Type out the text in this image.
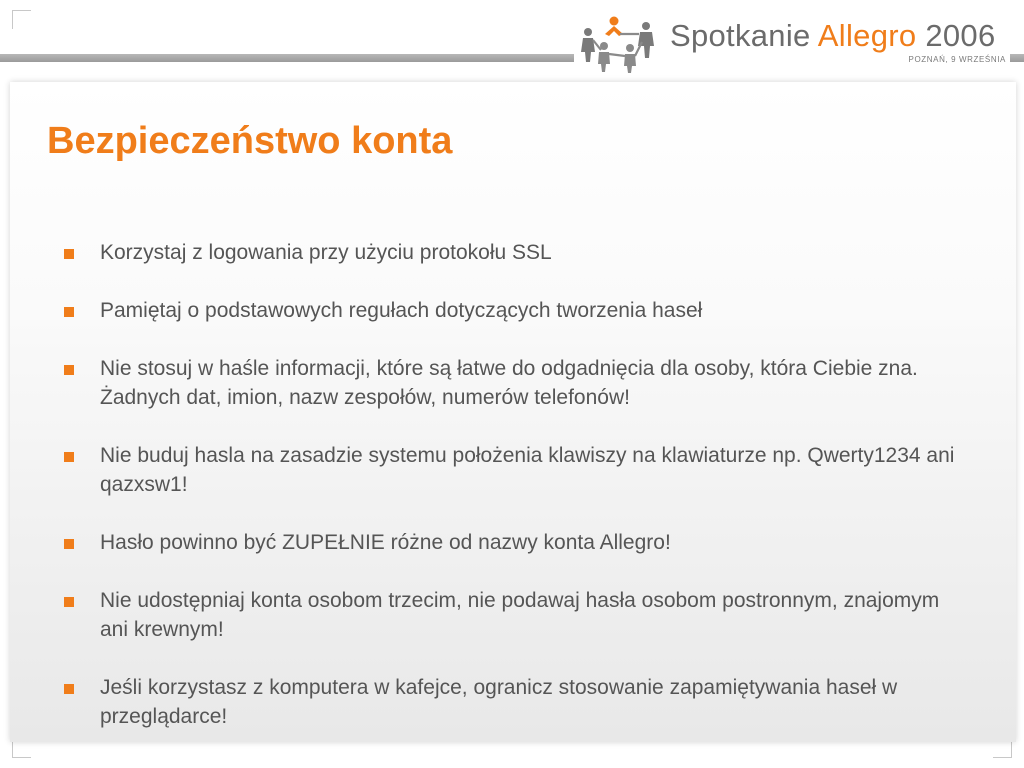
Spotkanie Allegro 2006
POZNAŃ, 9 WRZEŚNIA
Bezpieczeństwo konta
Korzystaj z logowania przy użyciu protokołu SSL
Pamiętaj o podstawowych regułach dotyczących tworzenia haseł
Nie stosuj w haśle informacji, które są łatwe do odgadnięcia dla osoby, która Ciebie zna. Żadnych dat, imion, nazw zespołów, numerów telefonów!
Nie buduj hasla na zasadzie systemu położenia klawiszy na klawiaturze np. Qwerty1234 ani qazxsw1!
Hasło powinno być ZUPEŁNIE różne od nazwy konta Allegro!
Nie udostępniaj konta osobom trzecim, nie podawaj hasła osobom postronnym, znajomym ani krewnym!
Jeśli korzystasz z komputera w kafejce, ogranicz stosowanie zapamiętywania haseł w przeglądarce!
